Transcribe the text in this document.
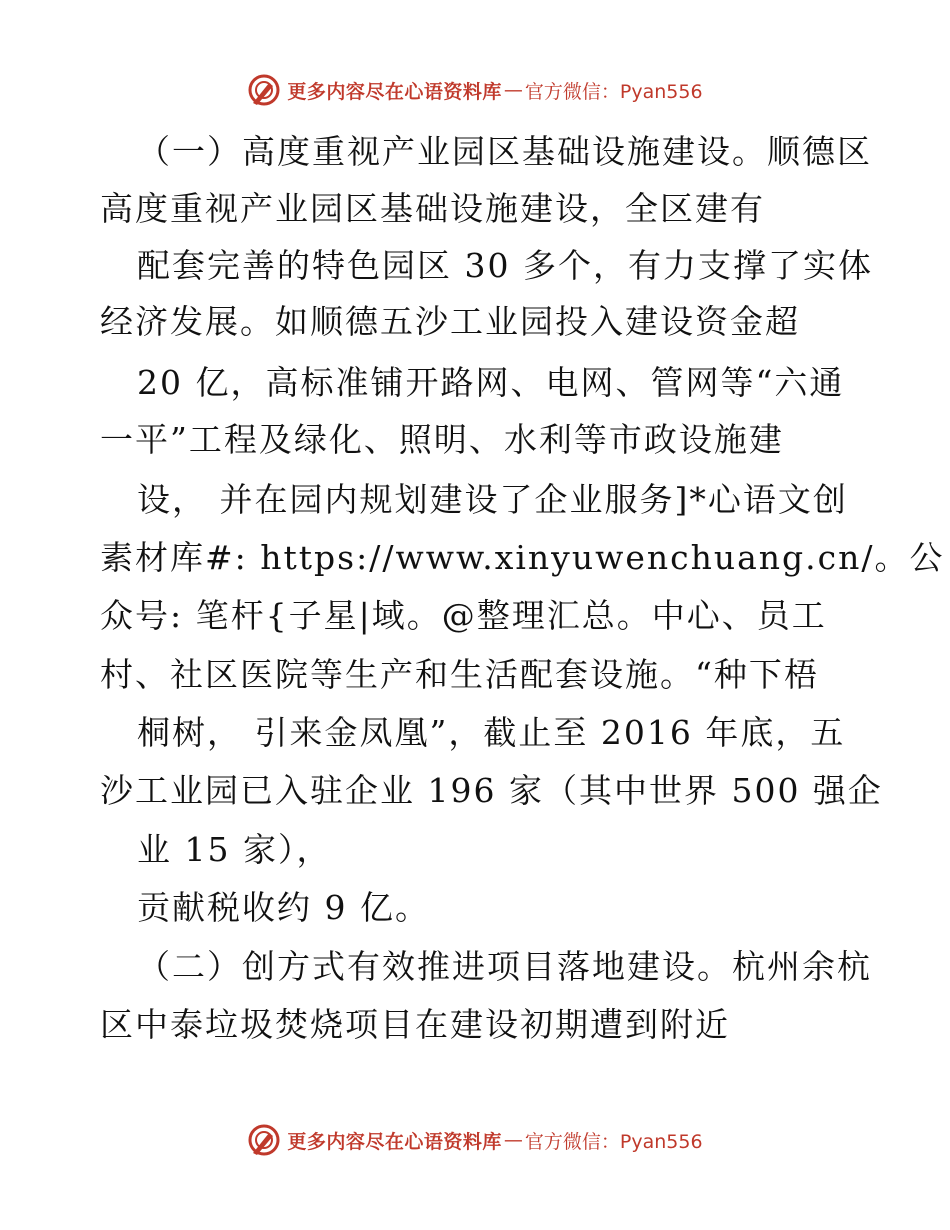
更多内容尽在心语资料库 — 官方微信：Pyan556
（一）高度重视产业园区基础设施建设。顺德区
高度重视产业园区基础设施建设，全区建有
配套完善的特色园区 30 多个，有力支撑了实体
经济发展。如顺德五沙工业园投入建设资金超
20 亿，高标准铺开路网、电网、管网等“六通
一平”工程及绿化、照明、水利等市政设施建
设， 并在园内规划建设了企业服务]*心语文创
素材库#: https://www.xinyuwenchuang.cn/。公
众号: 笔杆{子星|域。@整理汇总。中心、员工
村、社区医院等生产和生活配套设施。“种下梧
桐树， 引来金凤凰”，截止至 2016 年底，五
沙工业园已入驻企业 196 家（其中世界 500 强企
业 15 家），
贡献税收约 9 亿。
（二）创方式有效推进项目落地建设。杭州余杭
区中泰垃圾焚烧项目在建设初期遭到附近
更多内容尽在心语资料库 — 官方微信：Pyan556
